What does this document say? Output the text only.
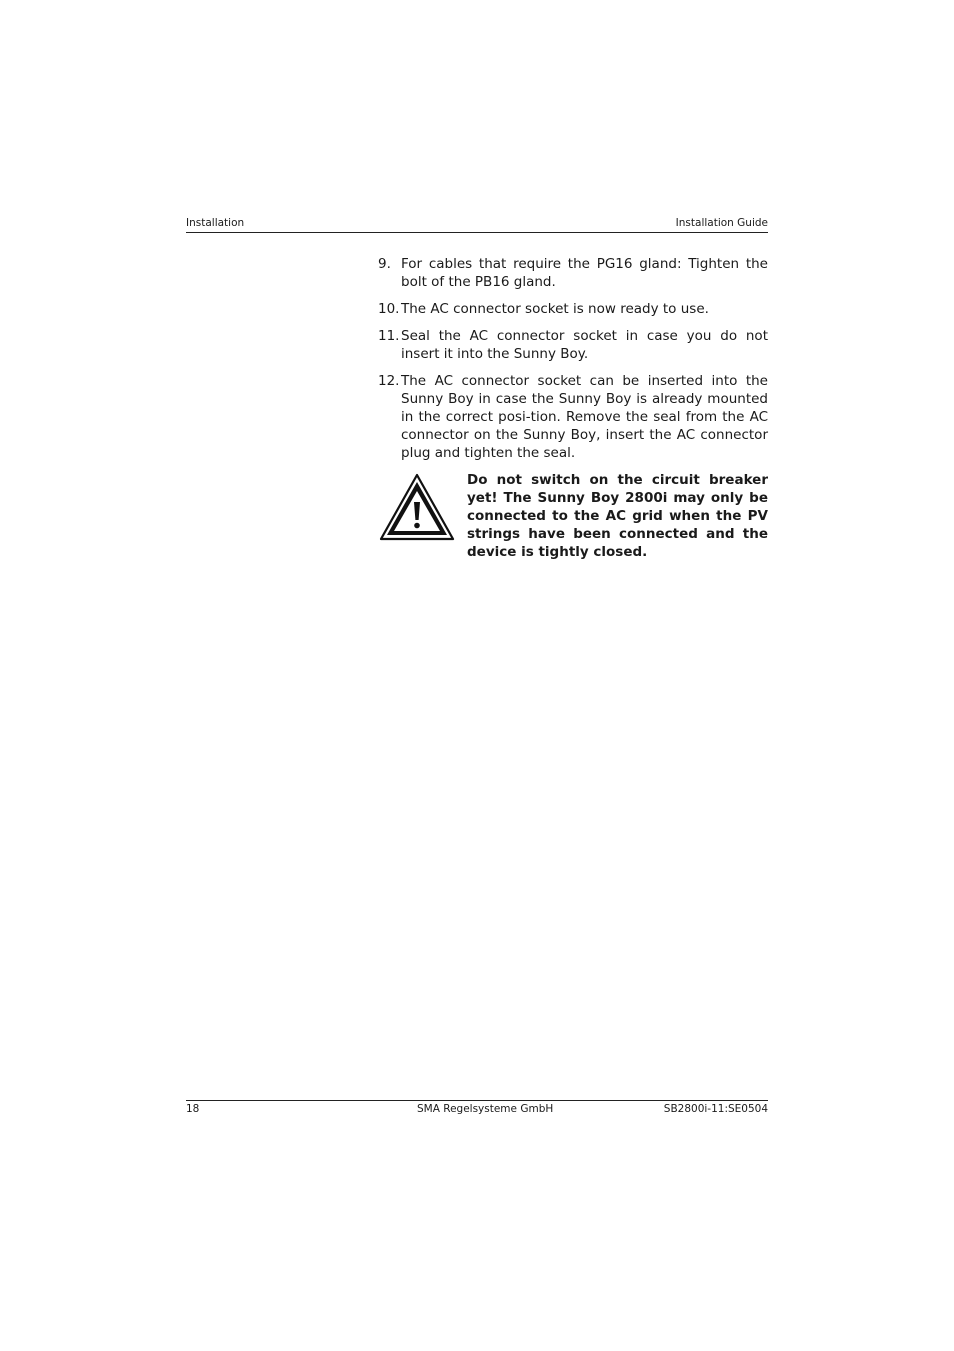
Installation	Installation Guide
9. For cables that require the PG16 gland: Tighten the bolt of the PB16 gland.
10. The AC connector socket is now ready to use.
11. Seal the AC connector socket in case you do not insert it into the Sunny Boy.
12. The AC connector socket can be inserted into the Sunny Boy in case the Sunny Boy is already mounted in the correct posi-tion. Remove the seal from the AC connector on the Sunny Boy, insert the AC connector plug and tighten the seal.
Do not switch on the circuit breaker yet! The Sunny Boy 2800i may only be connected to the AC grid when the PV strings have been connected and the device is tightly closed.
18	SMA Regelsysteme GmbH	SB2800i-11:SE0504
